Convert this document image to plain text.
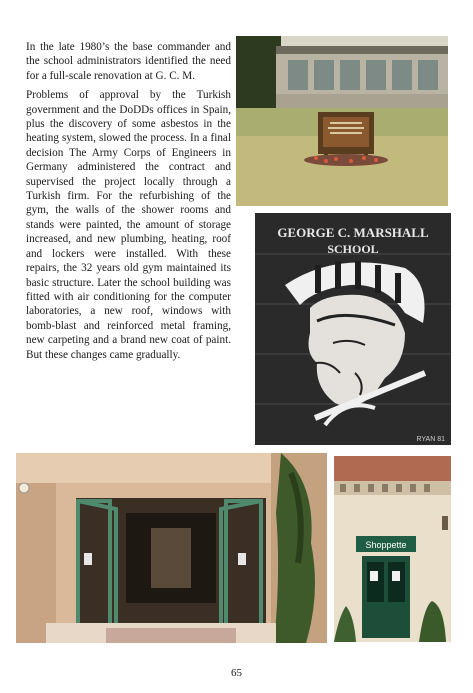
In the late 1980’s the base commander and the school administrators identified the need for a full-scale renovation at G. C. M.

Problems of approval by the Turkish government and the DoDDs offices in Spain, plus the discovery of some asbestos in the heating system, slowed the process. In a final decision The Army Corps of Engineers in Germany administered the contract and supervised the project locally through a Turkish firm. For the refurbishing of the gym, the walls of the shower rooms and stands were painted, the amount of storage increased, and new plumbing, heating, roof and lockers were installed. With these repairs, the 32 years old gym maintained its basic structure. Later the school building was fitted with air conditioning for the computer laboratories, a new roof, windows with bomb-blast and reinforced metal framing, new carpeting and a brand new coat of paint. But these changes came gradually.

GEORGE C. MARSHALL
SCHOOL
RYAN 81
Shoppette
65
